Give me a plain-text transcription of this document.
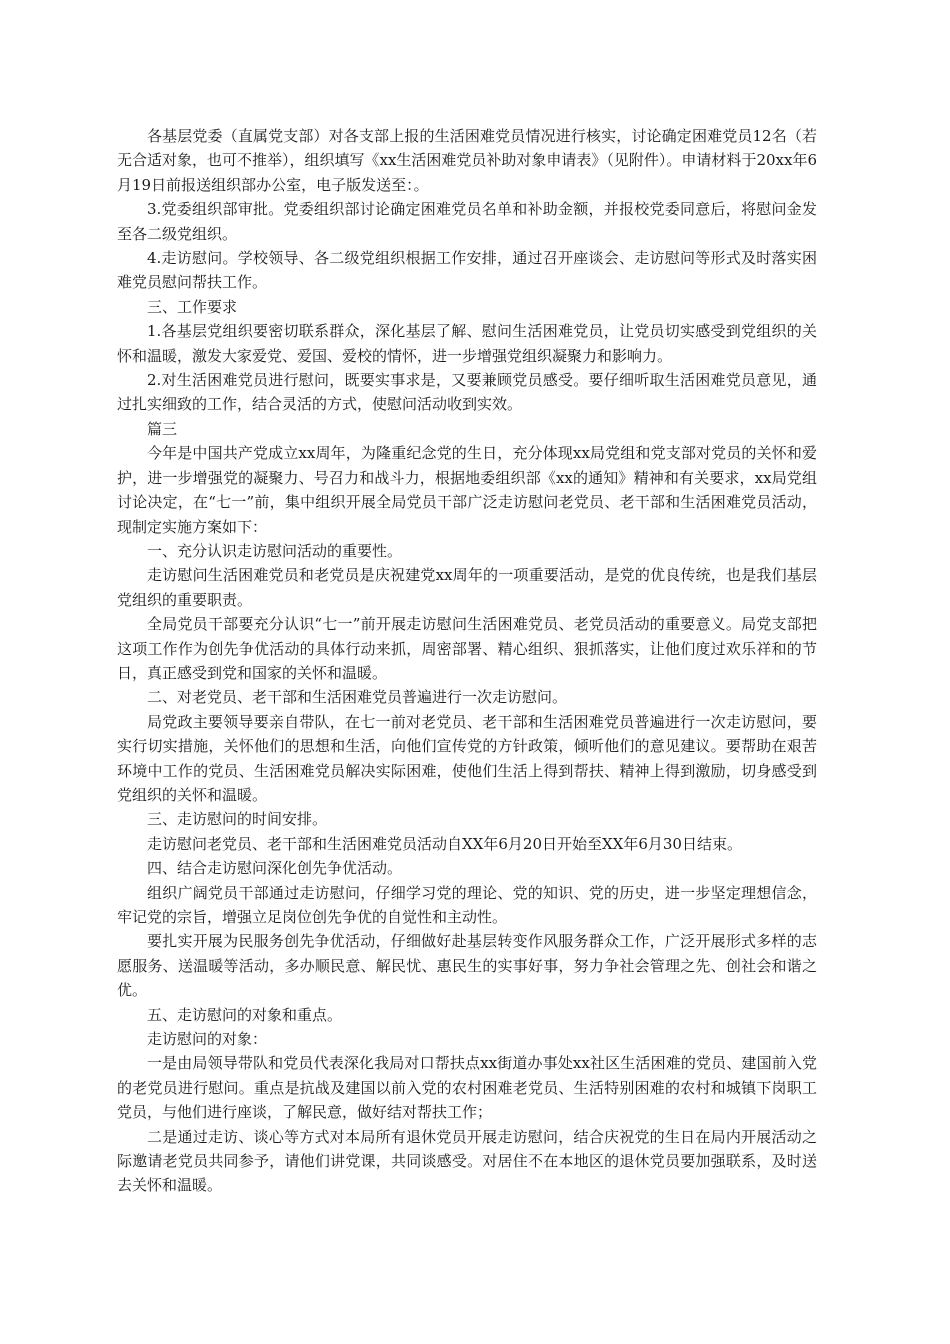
各基层党委（直属党支部）对各支部上报的生活困难党员情况进行核实，讨论确定困难党员12名（若无合适对象，也可不推举），组织填写《xx生活困难党员补助对象申请表》（见附件）。申请材料于20xx年6月19日前报送组织部办公室，电子版发送至：。

3.党委组织部审批。党委组织部讨论确定困难党员名单和补助金额，并报校党委同意后，将慰问金发至各二级党组织。

4.走访慰问。学校领导、各二级党组织根据工作安排，通过召开座谈会、走访慰问等形式及时落实困难党员慰问帮扶工作。

三、工作要求

1.各基层党组织要密切联系群众，深化基层了解、慰问生活困难党员，让党员切实感受到党组织的关怀和温暖，激发大家爱党、爱国、爱校的情怀，进一步增强党组织凝聚力和影响力。

2.对生活困难党员进行慰问，既要实事求是，又要兼顾党员感受。要仔细听取生活困难党员意见，通过扎实细致的工作，结合灵活的方式，使慰问活动收到实效。

篇三

今年是中国共产党成立xx周年，为隆重纪念党的生日，充分体现xx局党组和党支部对党员的关怀和爱护，进一步增强党的凝聚力、号召力和战斗力，根据地委组织部《xx的通知》精神和有关要求，xx局党组讨论决定，在“七一”前，集中组织开展全局党员干部广泛走访慰问老党员、老干部和生活困难党员活动，现制定实施方案如下：

一、充分认识走访慰问活动的重要性。

走访慰问生活困难党员和老党员是庆祝建党xx周年的一项重要活动，是党的优良传统，也是我们基层党组织的重要职责。

全局党员干部要充分认识“七一”前开展走访慰问生活困难党员、老党员活动的重要意义。局党支部把这项工作作为创先争优活动的具体行动来抓，周密部署、精心组织、狠抓落实，让他们度过欢乐祥和的节日，真正感受到党和国家的关怀和温暖。

二、对老党员、老干部和生活困难党员普遍进行一次走访慰问。

局党政主要领导要亲自带队，在七一前对老党员、老干部和生活困难党员普遍进行一次走访慰问，要实行切实措施，关怀他们的思想和生活，向他们宣传党的方针政策，倾听他们的意见建议。要帮助在艰苦环境中工作的党员、生活困难党员解决实际困难，使他们生活上得到帮扶、精神上得到激励，切身感受到党组织的关怀和温暖。

三、走访慰问的时间安排。

走访慰问老党员、老干部和生活困难党员活动自XX年6月20日开始至XX年6月30日结束。

四、结合走访慰问深化创先争优活动。

组织广阔党员干部通过走访慰问，仔细学习党的理论、党的知识、党的历史，进一步坚定理想信念，牢记党的宗旨，增强立足岗位创先争优的自觉性和主动性。

要扎实开展为民服务创先争优活动，仔细做好赴基层转变作风服务群众工作，广泛开展形式多样的志愿服务、送温暖等活动，多办顺民意、解民忧、惠民生的实事好事，努力争社会管理之先、创社会和谐之优。

五、走访慰问的对象和重点。

走访慰问的对象：

一是由局领导带队和党员代表深化我局对口帮扶点xx街道办事处xx社区生活困难的党员、建国前入党的老党员进行慰问。重点是抗战及建国以前入党的农村困难老党员、生活特别困难的农村和城镇下岗职工党员，与他们进行座谈，了解民意，做好结对帮扶工作；

二是通过走访、谈心等方式对本局所有退休党员开展走访慰问，结合庆祝党的生日在局内开展活动之际邀请老党员共同参予，请他们讲党课，共同谈感受。对居住不在本地区的退休党员要加强联系，及时送去关怀和温暖。
